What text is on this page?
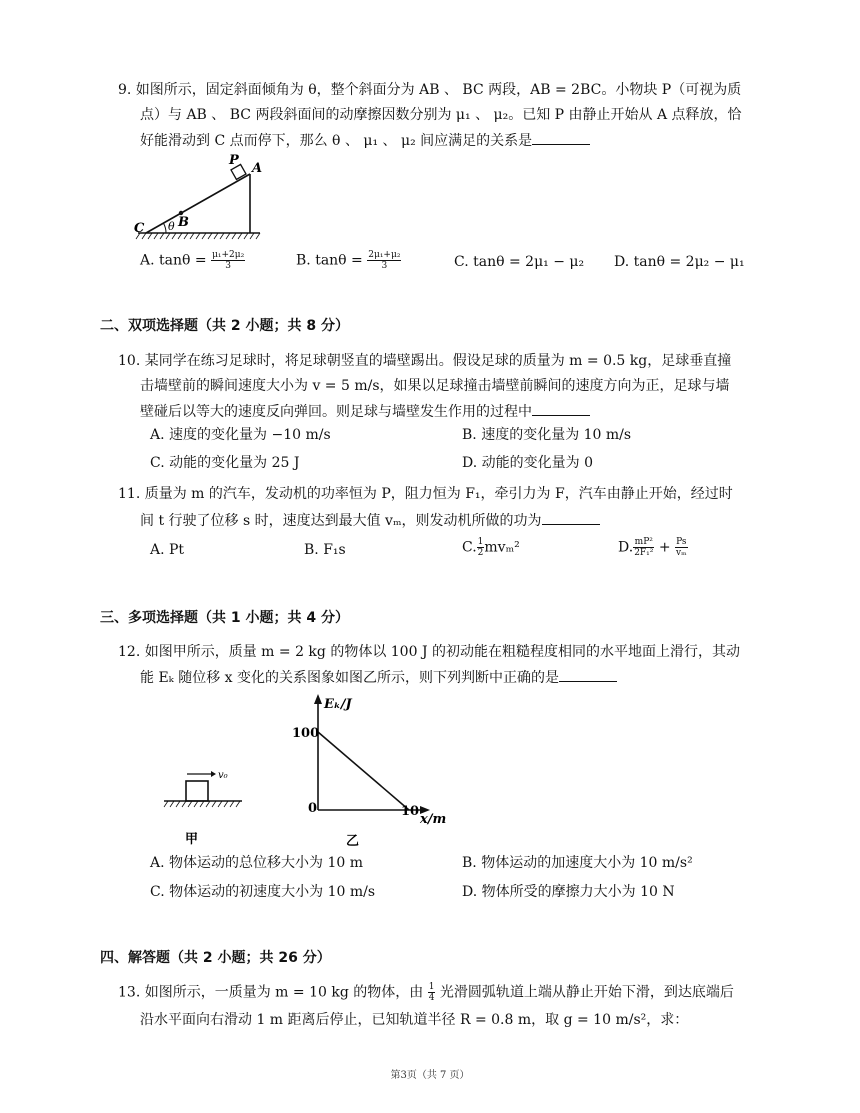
9. 如图所示，固定斜面倾角为 θ，整个斜面分为 AB 、 BC 两段，AB = 2BC。小物块 P（可视为质
点）与 AB 、 BC 两段斜面间的动摩擦因数分别为 μ₁ 、 μ₂。已知 P 由静止开始从 A 点释放，恰
好能滑动到 C 点而停下，那么 θ 、 μ₁ 、 μ₂ 间应满足的关系是
C θ B
P
A
A. $\tan\theta = \frac{\text{μ₁+2μ₂}}{3}$	B. $\tan\theta = \frac{\text{2μ₁+μ₂}}{3}$	C. tanθ = 2μ₁ − μ₂ D. tanθ = 2μ₂ − μ₁
二、双项选择题（共 2 小题；共 8 分）
10. 某同学在练习足球时，将足球朝竖直的墙壁踢出。假设足球的质量为 m = 0.5 kg，足球垂直撞
击墙壁前的瞬间速度大小为 v = 5 m/s，如果以足球撞击墙壁前瞬间的速度方向为正，足球与墙
壁碰后以等大的速度反向弹回。则足球与墙壁发生作用的过程中
A. 速度的变化量为 −10 m/s	B. 速度的变化量为 10 m/s
C. 动能的变化量为 25 J	D. 动能的变化量为 0
11. 质量为 m 的汽车，发动机的功率恒为 P，阻力恒为 F₁，牵引力为 F，汽车由静止开始，经过时
间 t 行驶了位移 s 时，速度达到最大值 vₘ，则发动机所做的功为
A. Pt	B. F₁s	C. $\frac{1}{2} mv_m^2$	D. $\frac{\text{mP²}}{\text{2F₁²}} + \frac{Ps}{\text{vₘ}}$
三、多项选择题（共 1 小题；共 4 分）
12. 如图甲所示，质量 m = 2 kg 的物体以 100 J 的初动能在粗糙程度相同的水平地面上滑行，其动
能 Eₖ 随位移 x 变化的关系图象如图乙所示，则下列判断中正确的是
v₀
甲
Eₖ/J
100
0	10
x/m
乙
A. 物体运动的总位移大小为 10 m	B. 物体运动的加速度大小为 10 m/s²
C. 物体运动的初速度大小为 10 m/s	D. 物体所受的摩擦力大小为 10 N
四、解答题（共 2 小题；共 26 分）
13. 如图所示，一质量为 m = 10 kg 的物体，由 $\frac{1}{4}$ 光滑圆弧轨道上端从静止开始下滑，到达底端后
沿水平面向右滑动 1 m 距离后停止，已知轨道半径 R = 0.8 m，取 g = 10 m/s²，求：
第3页（共 7 页）
